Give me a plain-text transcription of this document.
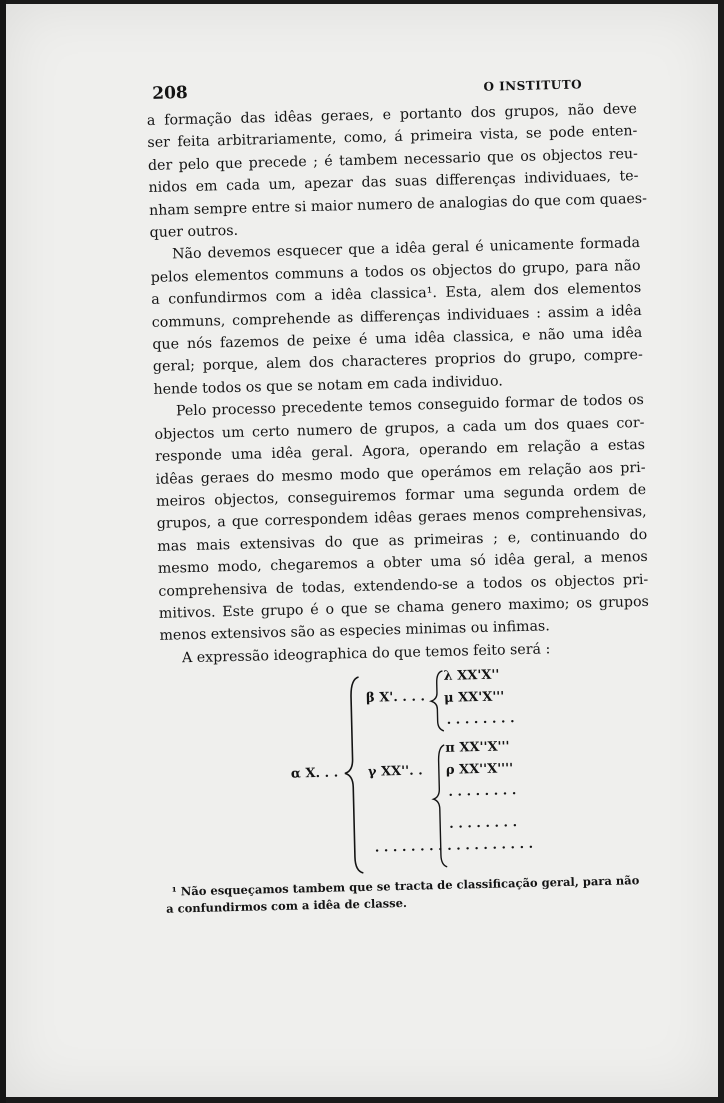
208	O INSTITUTO

a formação das idêas geraes, e portanto dos grupos, não deve
ser feita arbitrariamente, como, á primeira vista, se pode enten-
der pelo que precede ; é tambem necessario que os objectos reu-
nidos em cada um, apezar das suas differenças individuaes, te-
nham sempre entre si maior numero de analogias do que com quaes-
quer outros.

Não devemos esquecer que a idêa geral é unicamente formada
pelos elementos communs a todos os objectos do grupo, para não
a confundirmos com a idêa classica¹. Esta, alem dos elementos
communs, comprehende as differenças individuaes : assim a idêa
que nós fazemos de peixe é uma idêa classica, e não uma idêa
geral; porque, alem dos characteres proprios do grupo, compre-
hende todos os que se notam em cada individuo.

Pelo processo precedente temos conseguido formar de todos os
objectos um certo numero de grupos, a cada um dos quaes cor-
responde uma idêa geral. Agora, operando em relação a estas
idêas geraes do mesmo modo que operámos em relação aos pri-
meiros objectos, conseguiremos formar uma segunda ordem de
grupos, a que correspondem idêas geraes menos comprehensivas,
mas mais extensivas do que as primeiras ; e, continuando do
mesmo modo, chegaremos a obter uma só idêa geral, a menos
comprehensiva de todas, extendendo-se a todos os objectos pri-
mitivos. Este grupo é o que se chama genero maximo; os grupos
menos extensivos são as especies minimas ou infimas.

A expressão ideographica do que temos feito será :

β X'. . . .
λ XX'X''
μ XX'X'''
. . . . . . . .
π XX''X'''
α X. . . γ XX''. . ρ XX''X''''
. . . . . . . .
. . . . . . . .
. . . . . . . . . . . . . . . . . .
¹ Não esqueçamos tambem que se tracta de classificação geral, para não
a confundirmos com a idêa de classe.
